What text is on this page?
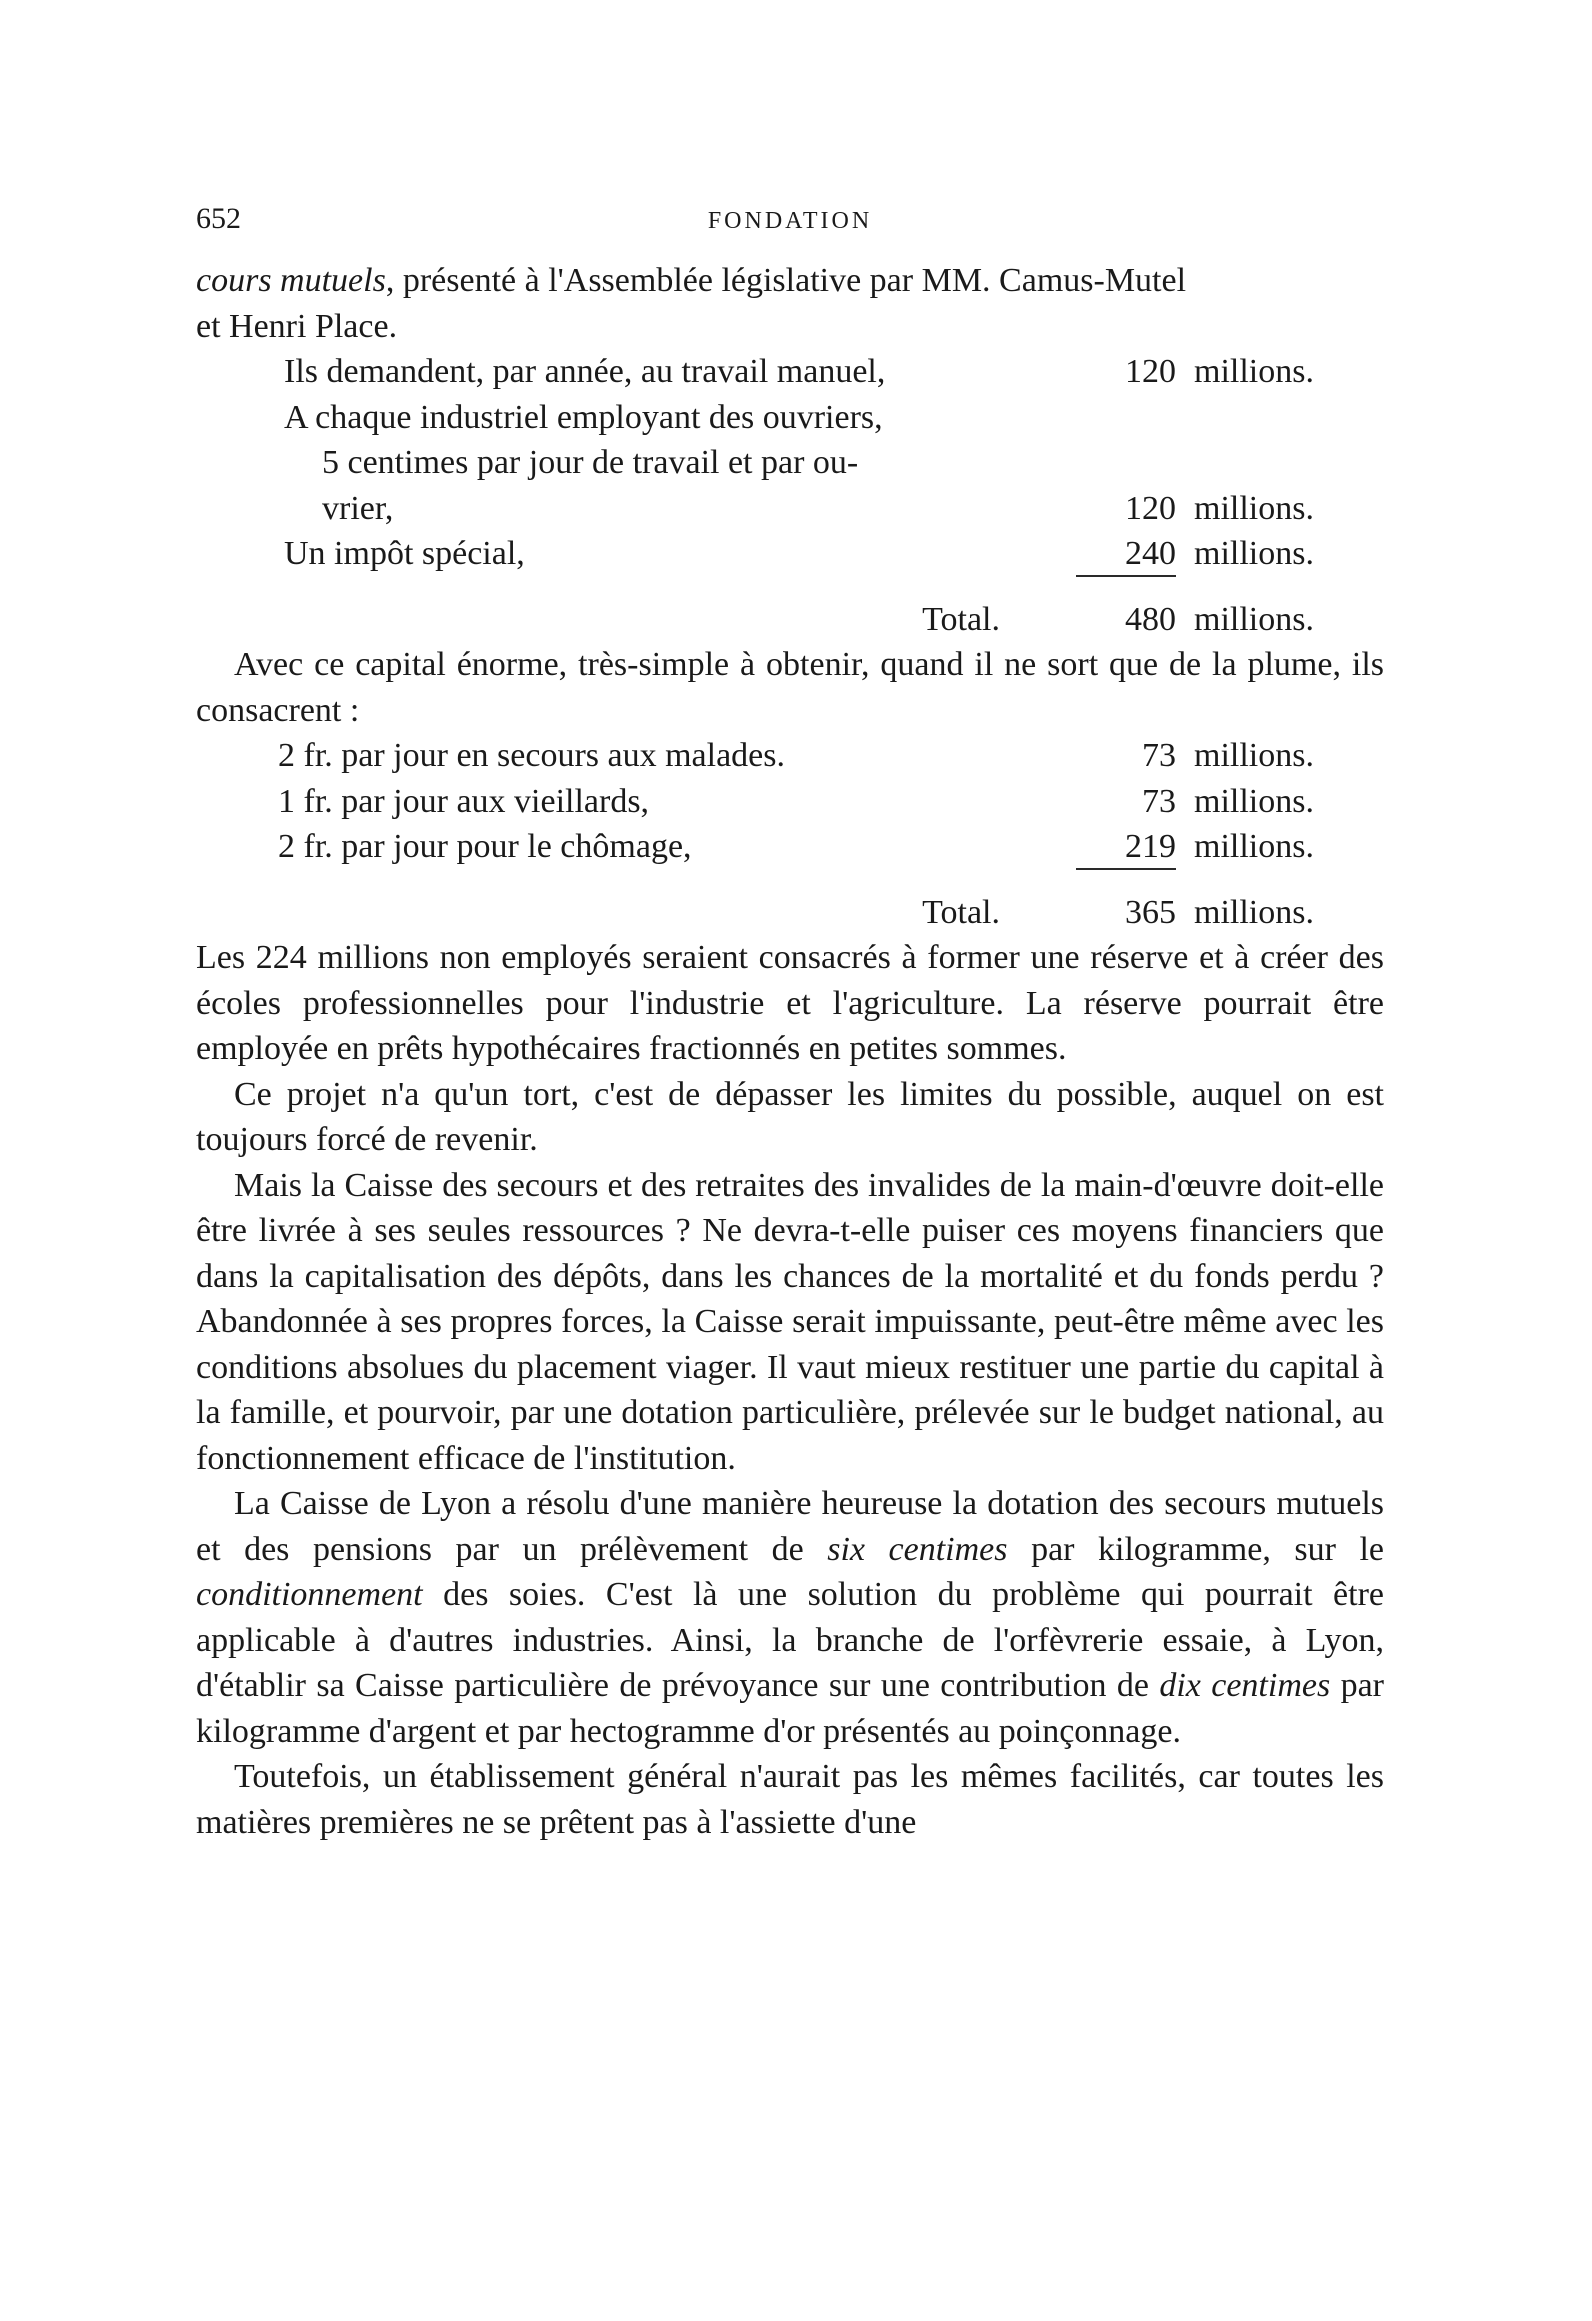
652	FONDATION

cours mutuels, présenté à l'Assemblée législative par MM. Camus-Mutel
et Henri Place.

Ils demandent, par année, au travail manuel,	120 millions.
A chaque industriel employant des ouvriers,
5 centimes par jour de travail et par ou-
vrier,	120 millions.
Un impôt spécial,	240 millions.
Total.	480 millions.

Avec ce capital énorme, très-simple à obtenir, quand il ne sort que de la plume, ils consacrent :

2 fr. par jour en secours aux malades.	73 millions.
1 fr. par jour aux vieillards,	73 millions.
2 fr. par jour pour le chômage,	219 millions.
Total.	365 millions.

Les 224 millions non employés seraient consacrés à former une réserve et à créer des écoles professionnelles pour l'industrie et l'agriculture. La réserve pourrait être employée en prêts hypothécaires fractionnés en petites sommes.

Ce projet n'a qu'un tort, c'est de dépasser les limites du possible, auquel on est toujours forcé de revenir.

Mais la Caisse des secours et des retraites des invalides de la main-d'œuvre doit-elle être livrée à ses seules ressources ? Ne devra-t-elle puiser ces moyens financiers que dans la capitalisation des dépôts, dans les chances de la mortalité et du fonds perdu ? Abandonnée à ses propres forces, la Caisse serait impuissante, peut-être même avec les conditions absolues du placement viager. Il vaut mieux restituer une partie du capital à la famille, et pourvoir, par une dotation particulière, prélevée sur le budget national, au fonctionnement efficace de l'institution.

La Caisse de Lyon a résolu d'une manière heureuse la dotation des secours mutuels et des pensions par un prélèvement de six centimes par kilogramme, sur le conditionnement des soies. C'est là une solution du problème qui pourrait être applicable à d'autres industries. Ainsi, la branche de l'orfèvrerie essaie, à Lyon, d'établir sa Caisse particulière de prévoyance sur une contribution de dix centimes par kilogramme d'argent et par hectogramme d'or présentés au poinçonnage.

Toutefois, un établissement général n'aurait pas les mêmes facilités, car toutes les matières premières ne se prêtent pas à l'assiette d'une
